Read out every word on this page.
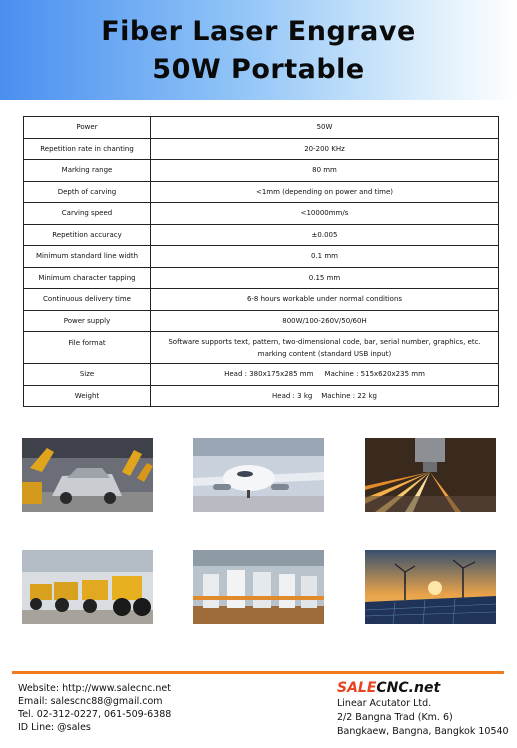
Fiber Laser Engrave
50W Portable
Power	50W
Repetition rate in chanting	20-200 KHz
Marking range	80 mm
Depth of carving	<1mm (depending on power and time)
Carving speed	<10000mm/s
Repetition accuracy	±0.005
Minimum standard line width	0.1 mm
Minimum character tapping	0.15 mm
Continuous delivery time	6-8 hours workable under normal conditions
Power supply	800W/100-260V/50/60H
File format	Software supports text, pattern, two-dimensional code, bar, serial number, graphics, etc.
marking content (standard USB input)

Size	Head : 380x175x285 mm     Machine : 515x620x235 mm
Weight	Head : 3 kg    Machine : 22 kg
Website: http://www.salecnc.net
Email: salescnc88@gmail.com
Tel. 02-312-0227, 061-509-6388
ID Line: @sales
SALECNC.net
Linear Acutator Ltd.
2/2 Bangna Trad (Km. 6)
Bangkaew, Bangna, Bangkok 10540
